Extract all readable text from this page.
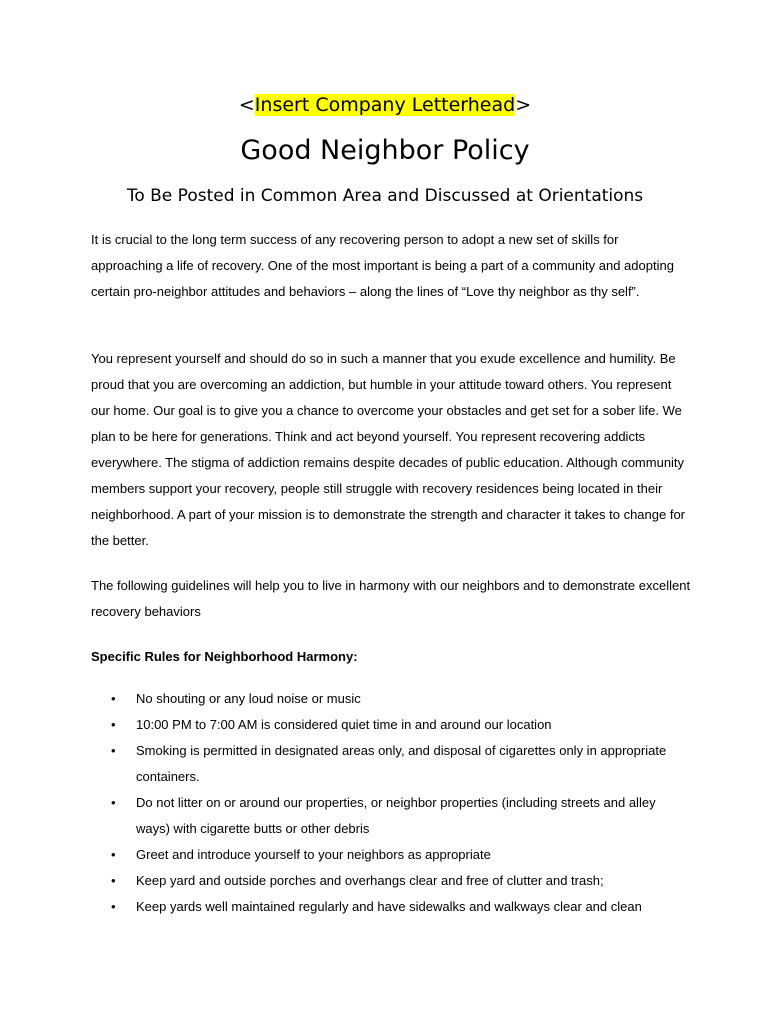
<Insert Company Letterhead>
Good Neighbor Policy
To Be Posted in Common Area and Discussed at Orientations

It is crucial to the long term success of any recovering person to adopt a new set of skills for approaching a life of recovery. One of the most important is being a part of a community and adopting certain pro-neighbor attitudes and behaviors – along the lines of “Love thy neighbor as thy self”.

You represent yourself and should do so in such a manner that you exude excellence and humility. Be proud that you are overcoming an addiction, but humble in your attitude toward others. You represent our home. Our goal is to give you a chance to overcome your obstacles and get set for a sober life. We plan to be here for generations. Think and act beyond yourself. You represent recovering addicts everywhere. The stigma of addiction remains despite decades of public education. Although community members support your recovery, people still struggle with recovery residences being located in their neighborhood. A part of your mission is to demonstrate the strength and character it takes to change for the better.

The following guidelines will help you to live in harmony with our neighbors and to demonstrate excellent recovery behaviors

Specific Rules for Neighborhood Harmony:
• No shouting or any loud noise or music
• 10:00 PM to 7:00 AM is considered quiet time in and around our location
• Smoking is permitted in designated areas only, and disposal of cigarettes only in appropriate containers.
• Do not litter on or around our properties, or neighbor properties (including streets and alley ways) with cigarette butts or other debris
• Greet and introduce yourself to your neighbors as appropriate
• Keep yard and outside porches and overhangs clear and free of clutter and trash;
• Keep yards well maintained regularly and have sidewalks and walkways clear and clean
